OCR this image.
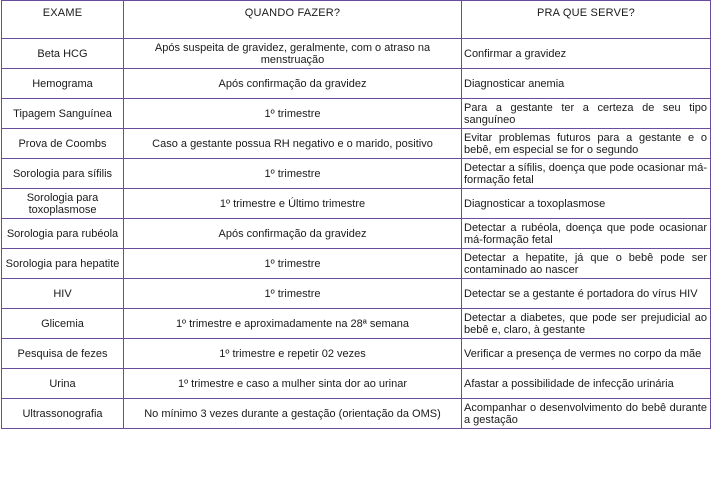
EXAME	QUANDO FAZER?	PRA QUE SERVE?
Beta HCG	Após suspeita de gravidez, geralmente, com o atraso na menstruação	Confirmar a gravidez
Hemograma	Após confirmação da gravidez	Diagnosticar anemia
Tipagem Sanguínea	1º trimestre	Para a gestante ter a certeza de seu tipo sanguíneo
Prova de Coombs	Caso a gestante possua RH negativo e o marido, positivo	Evitar problemas futuros para a gestante e o bebê, em especial se for o segundo
Sorologia para sífilis	1º trimestre	Detectar a sífilis, doença que pode ocasionar má-formação fetal
Sorologia para toxoplasmose	1º trimestre e Último trimestre	Diagnosticar a toxoplasmose
Sorologia para rubéola	Após confirmação da gravidez	Detectar a rubéola, doença que pode ocasionar má-formação fetal
Sorologia para hepatite	1º trimestre	Detectar a hepatite, já que o bebê pode ser contaminado ao nascer
HIV	1º trimestre	Detectar se a gestante é portadora do vírus HIV
Glicemia	1º trimestre e aproximadamente na 28ª semana	Detectar a diabetes, que pode ser prejudicial ao bebê e, claro, à gestante
Pesquisa de fezes	1º trimestre e repetir 02 vezes	Verificar a presença de vermes no corpo da mãe
Urina	1º trimestre e caso a mulher sinta dor ao urinar	Afastar a possibilidade de infecção urinária
Ultrassonografia	No mínimo 3 vezes durante a gestação (orientação da OMS)	Acompanhar o desenvolvimento do bebê durante a gestação
